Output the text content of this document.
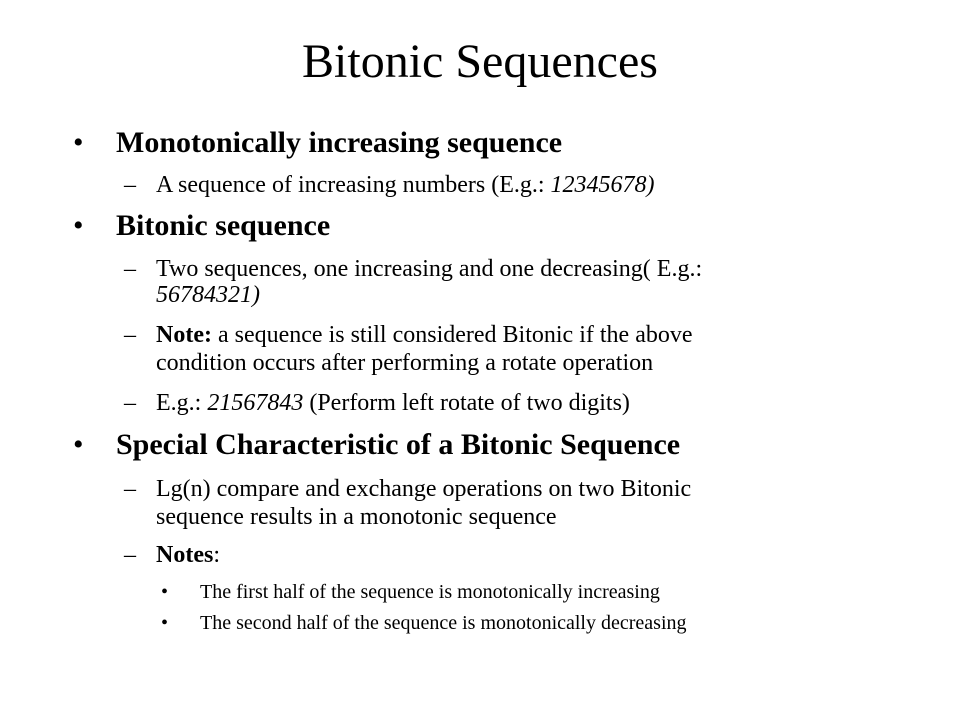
Bitonic Sequences
• Monotonically increasing sequence
– A sequence of increasing numbers (E.g.: 12345678)
• Bitonic sequence
– Two sequences, one increasing and one decreasing( E.g.:
56784321)
– Note: a sequence is still considered Bitonic if the above
condition occurs after performing a rotate operation
– E.g.: 21567843 (Perform left rotate of two digits)
• Special Characteristic of a Bitonic Sequence
– Lg(n) compare and exchange operations on two Bitonic
sequence results in a monotonic sequence
– Notes:
• The first half of the sequence is monotonically increasing
• The second half of the sequence is monotonically decreasing
